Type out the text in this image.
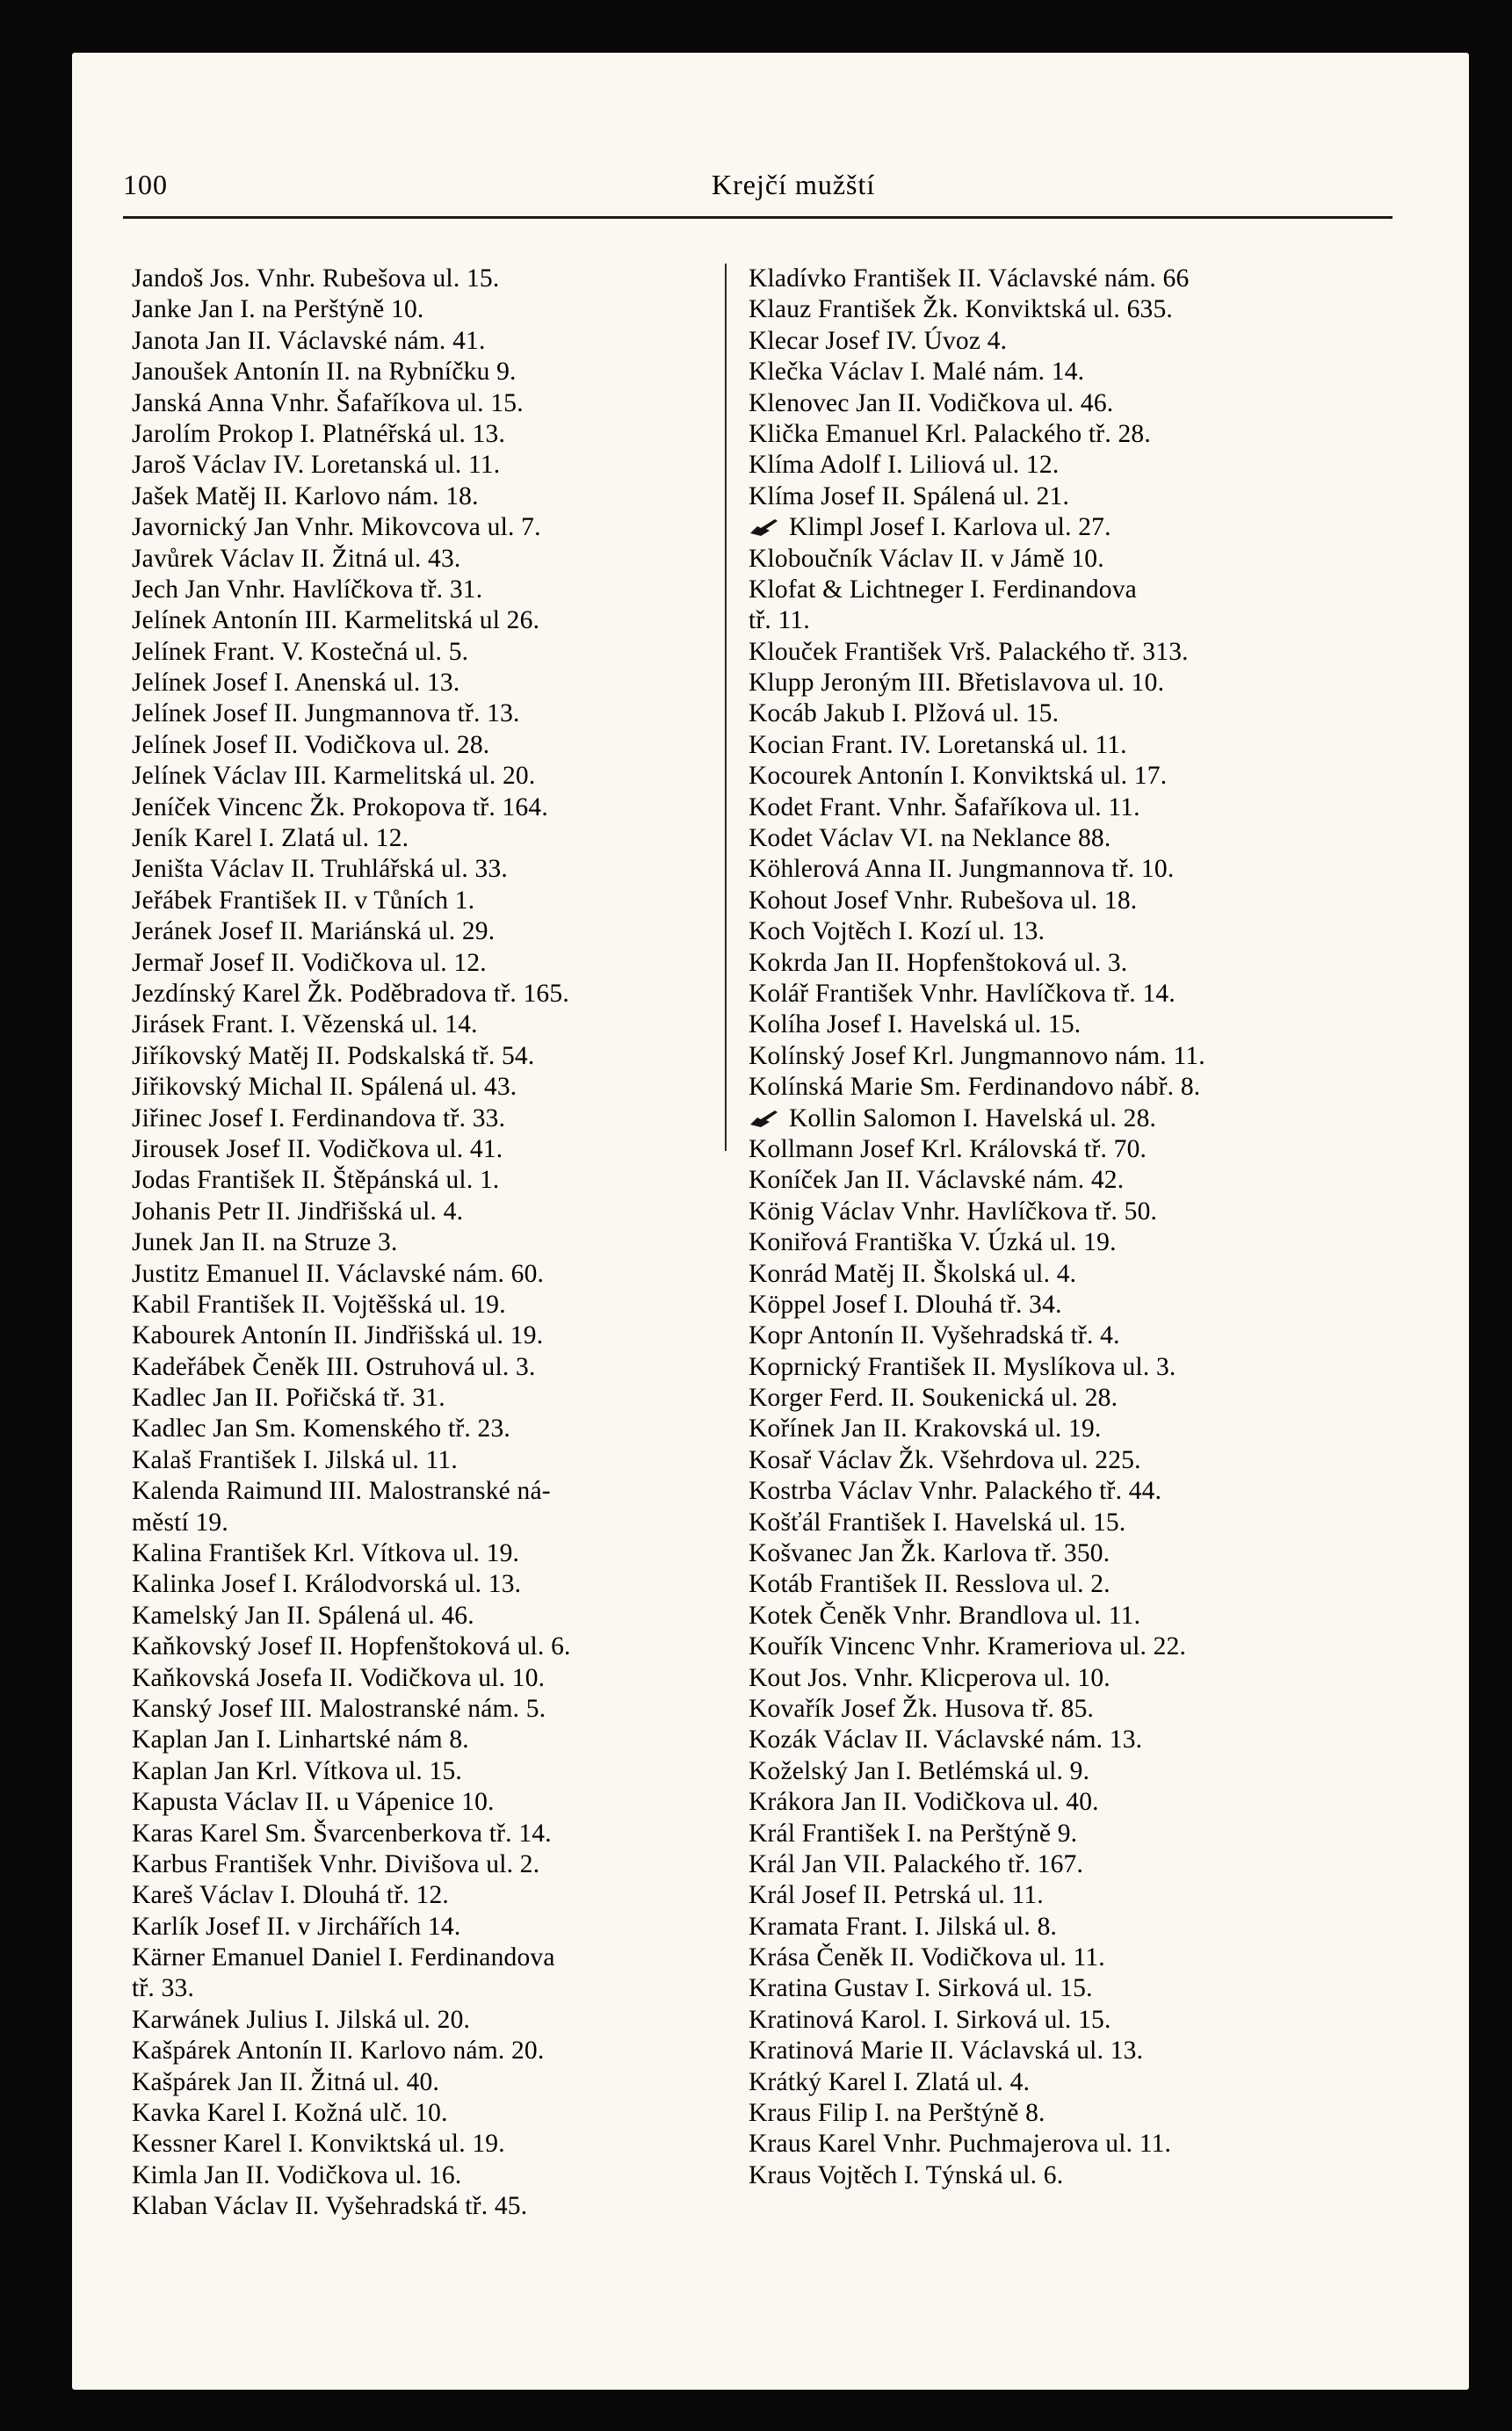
100	Krejčí mužští
Jandoš Jos. Vnhr. Rubešova ul. 15.
Janke Jan I. na Perštýně 10.
Janota Jan II. Václavské nám. 41.
Janoušek Antonín II. na Rybníčku 9.
Janská Anna Vnhr. Šafaříkova ul. 15.
Jarolím Prokop I. Platnéřská ul. 13.
Jaroš Václav IV. Loretanská ul. 11.
Jašek Matěj II. Karlovo nám. 18.
Javornický Jan Vnhr. Mikovcova ul. 7.
Javůrek Václav II. Žitná ul. 43.
Jech Jan Vnhr. Havlíčkova tř. 31.
Jelínek Antonín III. Karmelitská ul 26.
Jelínek Frant. V. Kostečná ul. 5.
Jelínek Josef I. Anenská ul. 13.
Jelínek Josef II. Jungmannova tř. 13.
Jelínek Josef II. Vodičkova ul. 28.
Jelínek Václav III. Karmelitská ul. 20.
Jeníček Vincenc Žk. Prokopova tř. 164.
Jeník Karel I. Zlatá ul. 12.
Jeništa Václav II. Truhlářská ul. 33.
Jeřábek František II. v Tůních 1.
Jeránek Josef II. Mariánská ul. 29.
Jermař Josef II. Vodičkova ul. 12.
Jezdínský Karel Žk. Poděbradova tř. 165.
Jirásek Frant. I. Vězenská ul. 14.
Jiříkovský Matěj II. Podskalská tř. 54.
Jiřikovský Michal II. Spálená ul. 43.
Jiřinec Josef I. Ferdinandova tř. 33.
Jirousek Josef II. Vodičkova ul. 41.
Jodas František II. Štěpánská ul. 1.
Johanis Petr II. Jindřišská ul. 4.
Junek Jan II. na Struze 3.
Justitz Emanuel II. Václavské nám. 60.
Kabil František II. Vojtěšská ul. 19.
Kabourek Antonín II. Jindřišská ul. 19.
Kadeřábek Čeněk III. Ostruhová ul. 3.
Kadlec Jan II. Pořičská tř. 31.
Kadlec Jan Sm. Komenského tř. 23.
Kalaš František I. Jilská ul. 11.
Kalenda Raimund III. Malostranské ná-
městí 19.
Kalina František Krl. Vítkova ul. 19.
Kalinka Josef I. Králodvorská ul. 13.
Kamelský Jan II. Spálená ul. 46.
Kaňkovský Josef II. Hopfenštoková ul. 6.
Kaňkovská Josefa II. Vodičkova ul. 10.
Kanský Josef III. Malostranské nám. 5.
Kaplan Jan I. Linhartské nám 8.
Kaplan Jan Krl. Vítkova ul. 15.
Kapusta Václav II. u Vápenice 10.
Karas Karel Sm. Švarcenberkova tř. 14.
Karbus František Vnhr. Divišova ul. 2.
Kareš Václav I. Dlouhá tř. 12.
Karlík Josef II. v Jirchářích 14.
Kärner Emanuel Daniel I. Ferdinandova
tř. 33.
Karwánek Julius I. Jilská ul. 20.
Kašpárek Antonín II. Karlovo nám. 20.
Kašpárek Jan II. Žitná ul. 40.
Kavka Karel I. Kožná ulč. 10.
Kessner Karel I. Konviktská ul. 19.
Kimla Jan II. Vodičkova ul. 16.
Klaban Václav II. Vyšehradská tř. 45.
Kladívko František II. Václavské nám. 66
Klauz František Žk. Konviktská ul. 635.
Klecar Josef IV. Úvoz 4.
Klečka Václav I. Malé nám. 14.
Klenovec Jan II. Vodičkova ul. 46.
Klička Emanuel Krl. Palackého tř. 28.
Klíma Adolf I. Liliová ul. 12.
Klíma Josef II. Spálená ul. 21.
Klimpl Josef I. Karlova ul. 27.
Kloboučník Václav II. v Jámě 10.
Klofat & Lichtneger I. Ferdinandova
tř. 11.
Klouček František Vrš. Palackého tř. 313.
Klupp Jeroným III. Břetislavova ul. 10.
Kocáb Jakub I. Plžová ul. 15.
Kocian Frant. IV. Loretanská ul. 11.
Kocourek Antonín I. Konviktská ul. 17.
Kodet Frant. Vnhr. Šafaříkova ul. 11.
Kodet Václav VI. na Neklance 88.
Köhlerová Anna II. Jungmannova tř. 10.
Kohout Josef Vnhr. Rubešova ul. 18.
Koch Vojtěch I. Kozí ul. 13.
Kokrda Jan II. Hopfenštoková ul. 3.
Kolář František Vnhr. Havlíčkova tř. 14.
Kolíha Josef I. Havelská ul. 15.
Kolínský Josef Krl. Jungmannovo nám. 11.
Kolínská Marie Sm. Ferdinandovo nábř. 8.
Kollin Salomon I. Havelská ul. 28.
Kollmann Josef Krl. Královská tř. 70.
Koníček Jan II. Václavské nám. 42.
König Václav Vnhr. Havlíčkova tř. 50.
Koniřová Františka V. Úzká ul. 19.
Konrád Matěj II. Školská ul. 4.
Köppel Josef I. Dlouhá tř. 34.
Kopr Antonín II. Vyšehradská tř. 4.
Koprnický František II. Myslíkova ul. 3.
Korger Ferd. II. Soukenická ul. 28.
Kořínek Jan II. Krakovská ul. 19.
Kosař Václav Žk. Všehrdova ul. 225.
Kostrba Václav Vnhr. Palackého tř. 44.
Košťál František I. Havelská ul. 15.
Košvanec Jan Žk. Karlova tř. 350.
Kotáb František II. Resslova ul. 2.
Kotek Čeněk Vnhr. Brandlova ul. 11.
Kouřík Vincenc Vnhr. Krameriova ul. 22.
Kout Jos. Vnhr. Klicperova ul. 10.
Kovařík Josef Žk. Husova tř. 85.
Kozák Václav II. Václavské nám. 13.
Koželský Jan I. Betlémská ul. 9.
Krákora Jan II. Vodičkova ul. 40.
Král František I. na Perštýně 9.
Král Jan VII. Palackého tř. 167.
Král Josef II. Petrská ul. 11.
Kramata Frant. I. Jilská ul. 8.
Krása Čeněk II. Vodičkova ul. 11.
Kratina Gustav I. Sirková ul. 15.
Kratinová Karol. I. Sirková ul. 15.
Kratinová Marie II. Václavská ul. 13.
Krátký Karel I. Zlatá ul. 4.
Kraus Filip I. na Perštýně 8.
Kraus Karel Vnhr. Puchmajerova ul. 11.
Kraus Vojtěch I. Týnská ul. 6.
